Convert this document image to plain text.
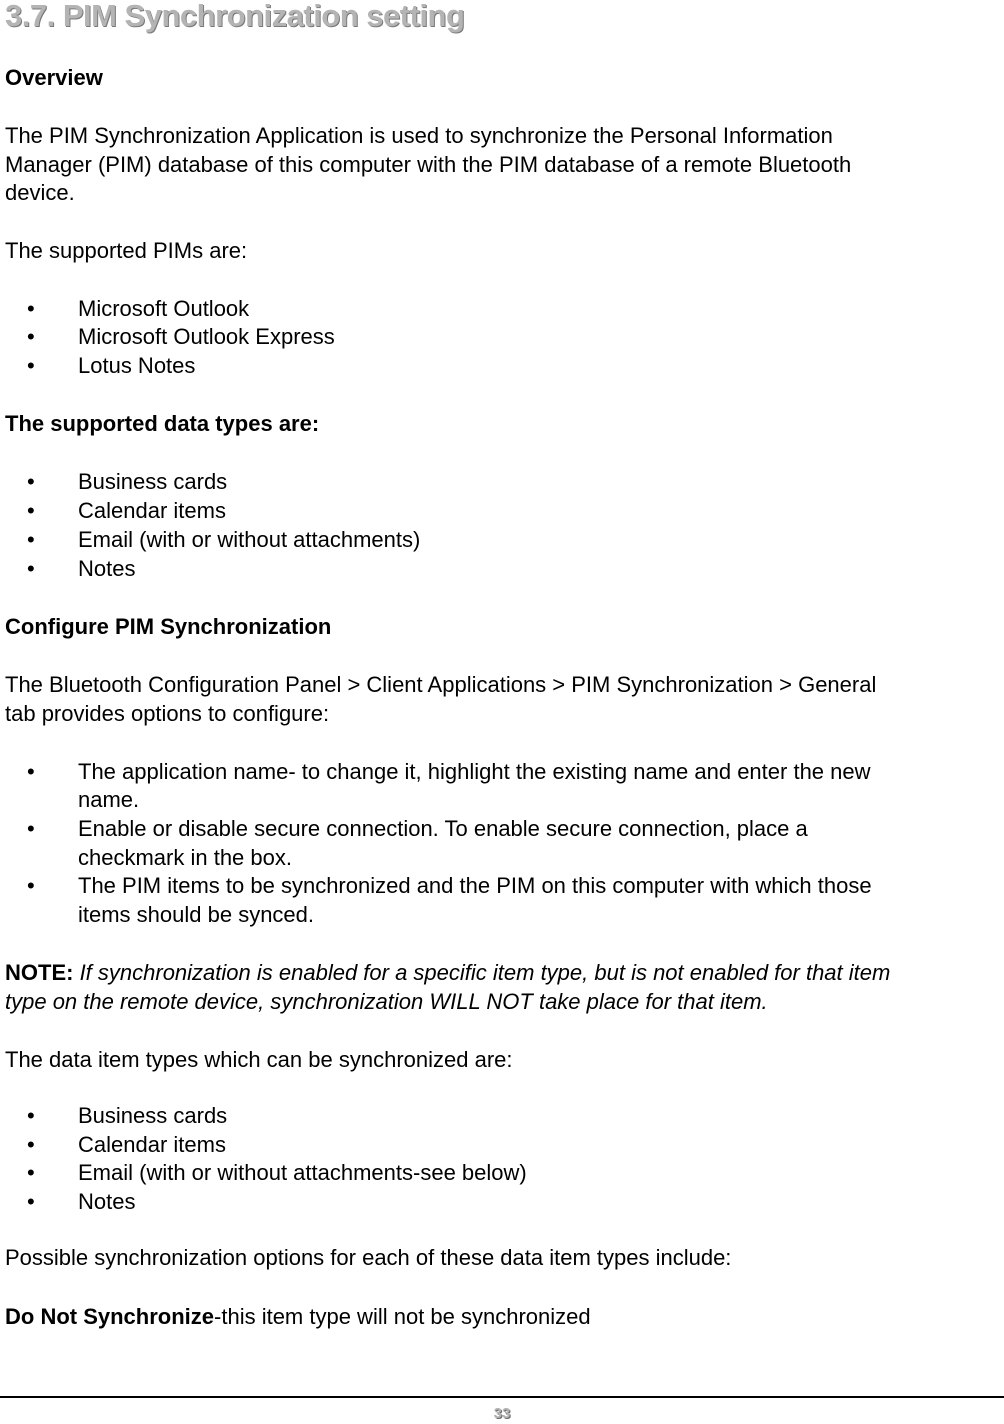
3.7. PIM Synchronization setting

Overview

The PIM Synchronization Application is used to synchronize the Personal Information

Manager (PIM) database of this computer with the PIM database of a remote Bluetooth

device.

The supported PIMs are:

• Microsoft Outlook

• Microsoft Outlook Express

• Lotus Notes

The supported data types are:

• Business cards

• Calendar items

• Email (with or without attachments)

• Notes

Configure PIM Synchronization

The Bluetooth Configuration Panel > Client Applications > PIM Synchronization > General

tab provides options to configure:

• The application name- to change it, highlight the existing name and enter the new

name.

• Enable or disable secure connection. To enable secure connection, place a

checkmark in the box.

• The PIM items to be synchronized and the PIM on this computer with which those

items should be synced.

NOTE: If synchronization is enabled for a specific item type, but is not enabled for that item

type on the remote device, synchronization WILL NOT take place for that item.

The data item types which can be synchronized are:

• Business cards

• Calendar items

• Email (with or without attachments-see below)

• Notes

Possible synchronization options for each of these data item types include:

Do Not Synchronize-this item type will not be synchronized

33
